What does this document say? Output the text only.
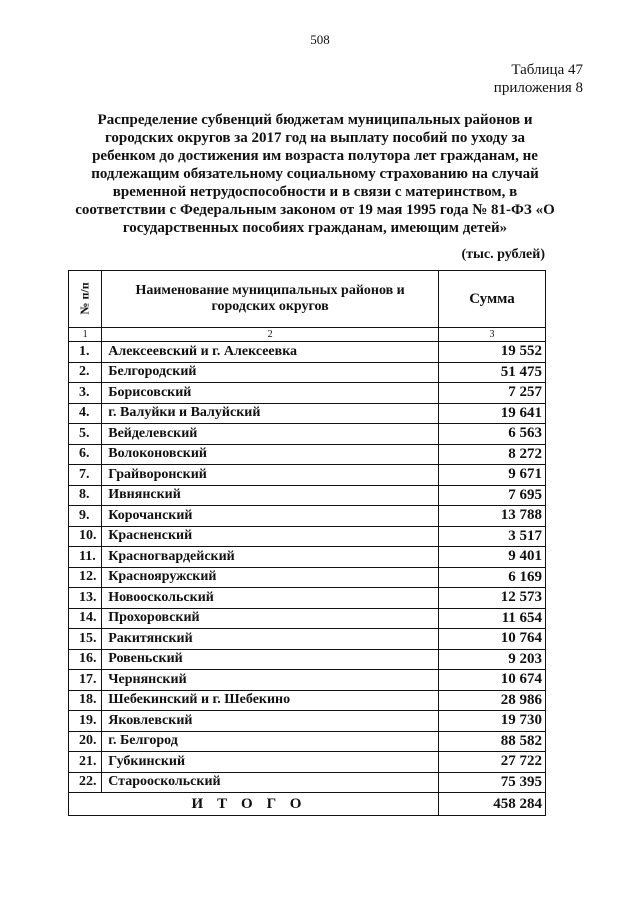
508
Таблица 47
приложения 8
Распределение субвенций бюджетам муниципальных районов и городских округов за 2017 год на выплату пособий по уходу за ребенком до достижения им возраста полутора лет гражданам, не подлежащим обязательному социальному страхованию на случай временной нетрудоспособности и в связи с материнством, в соответствии с Федеральным законом от 19 мая 1995 года № 81-ФЗ «О государственных пособиях гражданам, имеющим детей»
(тыс. рублей)
№ п/п	Наименование муниципальных районов и городских округов	Сумма
1	2	3
1.	Алексеевский и г. Алексеевка	19 552
2.	Белгородский	51 475
3.	Борисовский	7 257
4.	г. Валуйки и Валуйский	19 641
5.	Вейделевский	6 563
6.	Волоконовский	8 272
7.	Грайворонский	9 671
8.	Ивнянский	7 695
9.	Корочанский	13 788
10.	Красненский	3 517
11.	Красногвардейский	9 401
12.	Краснояружский	6 169
13.	Новооскольский	12 573
14.	Прохоровский	11 654
15.	Ракитянский	10 764
16.	Ровеньский	9 203
17.	Чернянский	10 674
18.	Шебекинский и г. Шебекино	28 986
19.	Яковлевский	19 730
20.	г. Белгород	88 582
21.	Губкинский	27 722
22.	Старооскольский	75 395
ИТОГО		458 284
